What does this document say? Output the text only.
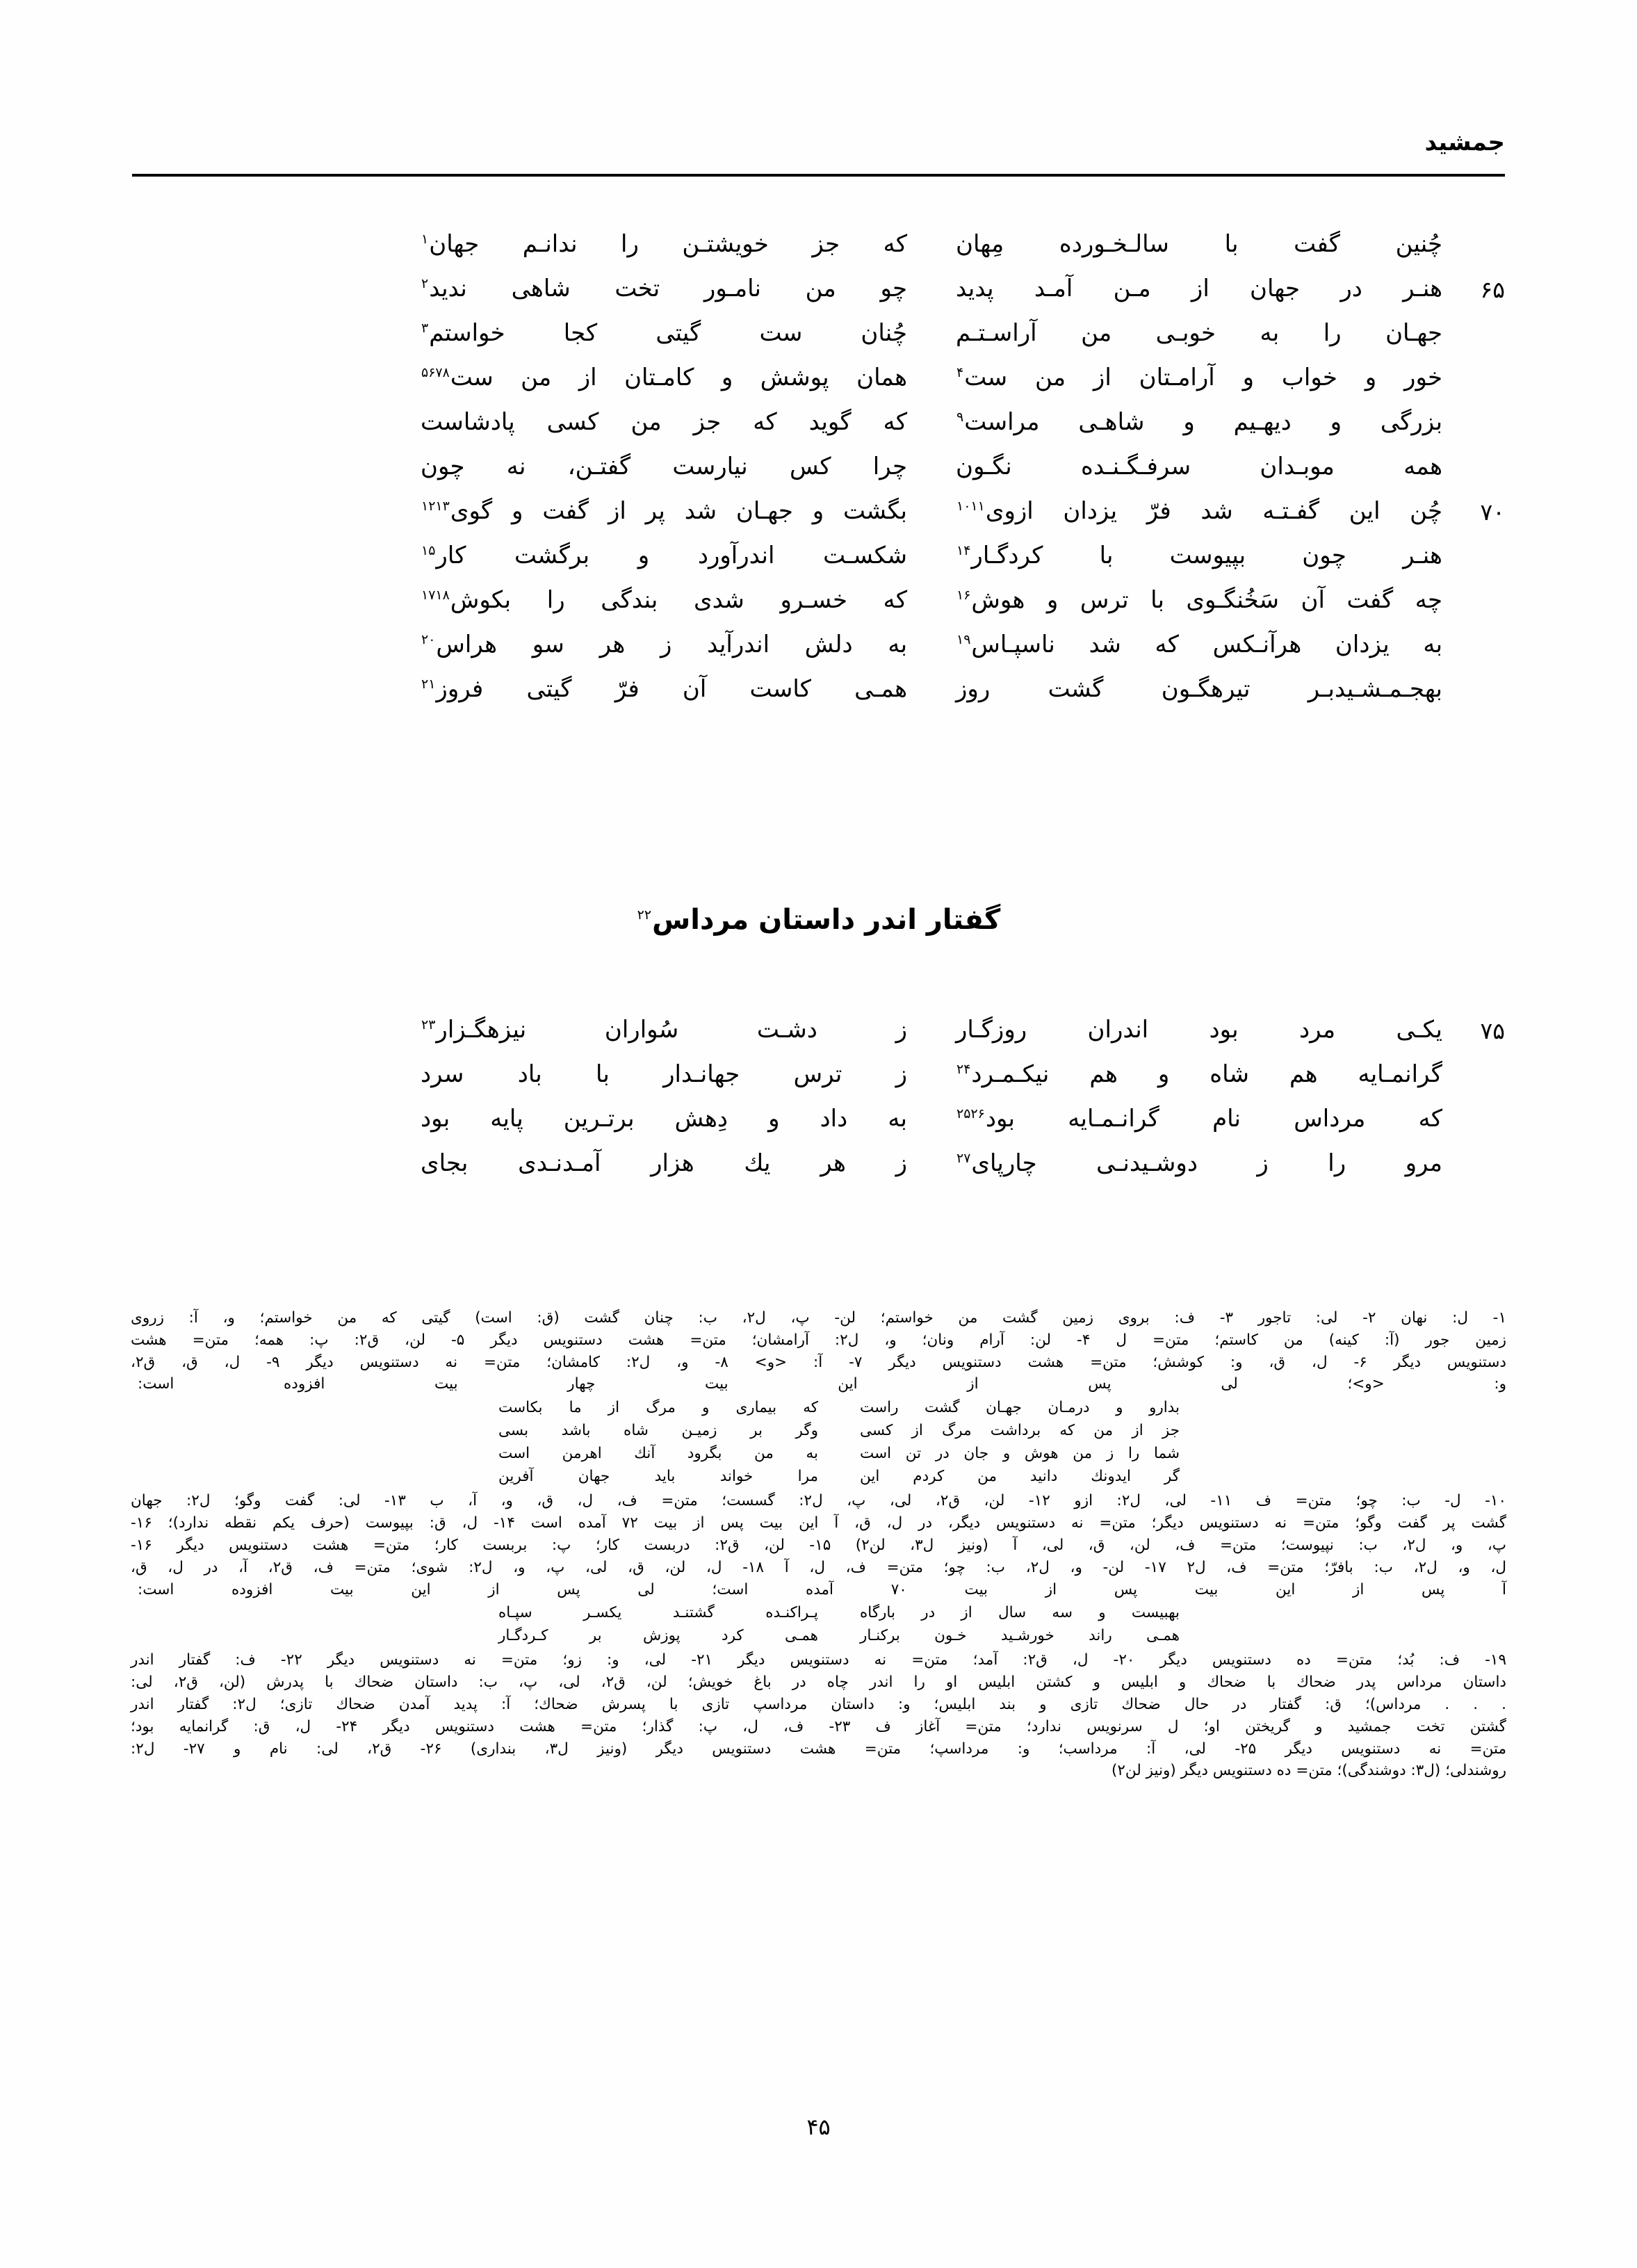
جمشید
چُنین گفت با سالـخـورده مِهان
که جز خویشتـن را ندانـم جهان$^۱$
۶۵
هنـر در جهان از مـن آمـد پدید
چو من نامـور تخت شاهی ندید$^۲$
جهـان را به خوبـی من آراسـتـم
چُنان ست گیتی کجا خواستم$^۳$
خور و خواب و آرامـتان از من ست$^۴$
همان پوشش و کامـتان از من ست$^{۵۶۷۸}$
بزرگی و دیهـیم و شاهـی مراست$^۹$
که گوید که جز من کسی پادشاست
همه موبـدان سرفـگـنـده نگـون
چرا کس نیارست گفتـن، نه چون
۷۰
چُن این گفـتـه شد فرّ یزدان ازوی$^{۱۰۱۱}$
بگشت و جهـان شد پر از گفت و گوی$^{۱۲۱۳}$
هنـر چون بپیوست با کردگـار$^{۱۴}$
شکسـت اندرآورد و برگشت کار$^{۱۵}$
چه گفت آن سَخُنگـوی با ترس و هوش$^{۱۶}$
که خسـرو شدی بندگی را بکوش$^{۱۷۱۸}$
به یزدان هرآنـکس که شد ناسپـاس$^{۱۹}$
به دلش اندرآید ز هر سو هراس$^{۲۰}$
بهجـمـشـیدبـر تیرهگـون گشت روز
همـی کاست آن فرّ گیتی فروز$^{۲۱}$
گفتار اندر داستان مرداس$^{۲۲}$
۷۵
یکـی مرد بود اندران روزگـار
ز دشـت سُواران نیزهگـزار$^{۲۳}$
گرانمـایه هم شاه و هم نیکـمـرد$^{۲۴}$
ز ترس جهانـدار با باد سرد
که مرداس نام گرانـمـایه بود$^{۲۵۲۶}$
به داد و دِهش برتـرین پایه بود
مرو را ز دوشـیدنـی چارپای$^{۲۷}$
ز هر یك هزار آمـدنـدی بجای
۱- ل: نهان ۲- لی: تاجور ۳- ف: بروی زمین گشت من خواستم؛ لن- پ، ل۲، ب: چنان گشت (ق: است) گیتی که من خواستم؛ و، آ: زروی
زمین جور (آ: کینه) من کاستم؛ متن= ل ۴- لن: آرام ونان؛ و، ل۲: آرامشان؛ متن= هشت دستنویس دیگر ۵- لن، ق۲: پ: همه؛ متن= هشت
دستنویس دیگر ۶- ل، ق، و: کوشش؛ متن= هشت دستنویس دیگر ۷- آ: <و> ۸- و، ل۲: کامشان؛ متن= نه دستنویس دیگر ۹- ل، ق، ق۲،
و: <و>؛ لی پس از این بیت چهار بیت افزوده است:
بدارو و درمـان جهـان گشت راست
که بیماری و مرگ از ما بکاست
جز از من که برداشت مرگ از کسی
وگر بر زمیـن شاه باشد بسی
شما را ز من هوش و جان در تن است
به من بگرود آنك اهرمن است
گر ایدونك دانید من کردم این
مرا خواند باید جهان آفرین
۱۰- ل- ب: چو؛ متن= ف ۱۱- لی، ل۲: ازو ۱۲- لن، ق۲، لی، پ، ل۲: گسست؛ متن= ف، ل، ق، و، آ، ب ۱۳- لی: گفت وگو؛ ل۲: جهان
گشت پر گفت وگو؛ متن= نه دستنویس دیگر؛ متن= نه دستنویس دیگر، در ل، ق، آ این بیت پس از بیت ۷۲ آمده است ۱۴- ل، ق: بپیوست (حرف یکم نقطه ندارد)؛ ۱۶-
پ، و، ل۲، ب: نپیوست؛ متن= ف، لن، ق، لی، آ (ونیز ل۳، لن۲) ۱۵- لن، ق۲: دربست کار؛ پ: بربست کار؛ متن= هشت دستنویس دیگر ۱۶-
ل، و، ل۲، ب: بافرّ؛ متن= ف، ل۲ ۱۷- لن- و، ل۲، ب: چو؛ متن= ف، ل، آ ۱۸- ل، لن، ق، لی، پ، و، ل۲: شوی؛ متن= ف، ق۲، آ، در ل، ق،
آ پس از این بیت پس از بیت ۷۰ آمده است؛ لی پس از این بیت افزوده است:
بهبیست و سه سال از در بارگاه
پـراکنـده گشتنـد یکسـر سپـاه
همـی راند خورشـید خـون برکنـار
همـی کرد پوزش بر کـردگـار
۱۹- ف: بُد؛ متن= ده دستنویس دیگر ۲۰- ل، ق۲: آمد؛ متن= نه دستنویس دیگر ۲۱- لی، و: زو؛ متن= نه دستنویس دیگر ۲۲- ف: گفتار اندر
داستان مرداس پدر ضحاك با ضحاك و ابلیس و کشتن ابلیس او را اندر چاه در باغ خویش؛ لن، ق۲، لی، پ، ب: داستان ضحاك با پدرش (لن، ق۲، لی:
. . . مرداس)؛ ق: گفتار در حال ضحاك تازی و بند ابلیس؛ و: داستان مرداسپ تازی با پسرش ضحاك؛ آ: پدید آمدن ضحاك تازی؛ ل۲: گفتار اندر
گشتن تخت جمشید و گریختن او؛ ل سرنویس ندارد؛ متن= آغاز ف ۲۳- ف، ل، پ: گذار؛ متن= هشت دستنویس دیگر ۲۴- ل، ق: گرانمایه بود؛
متن= نه دستنویس دیگر ۲۵- لی، آ: مرداسب؛ و: مرداسپ؛ متن= هشت دستنویس دیگر (ونیز ل۳، بنداری) ۲۶- ق۲، لی: نام و ۲۷- ل۲:
روشندلی؛ (ل۳: دوشندگی)؛ متن= ده دستنویس دیگر (ونیز لن۲)
۴۵
